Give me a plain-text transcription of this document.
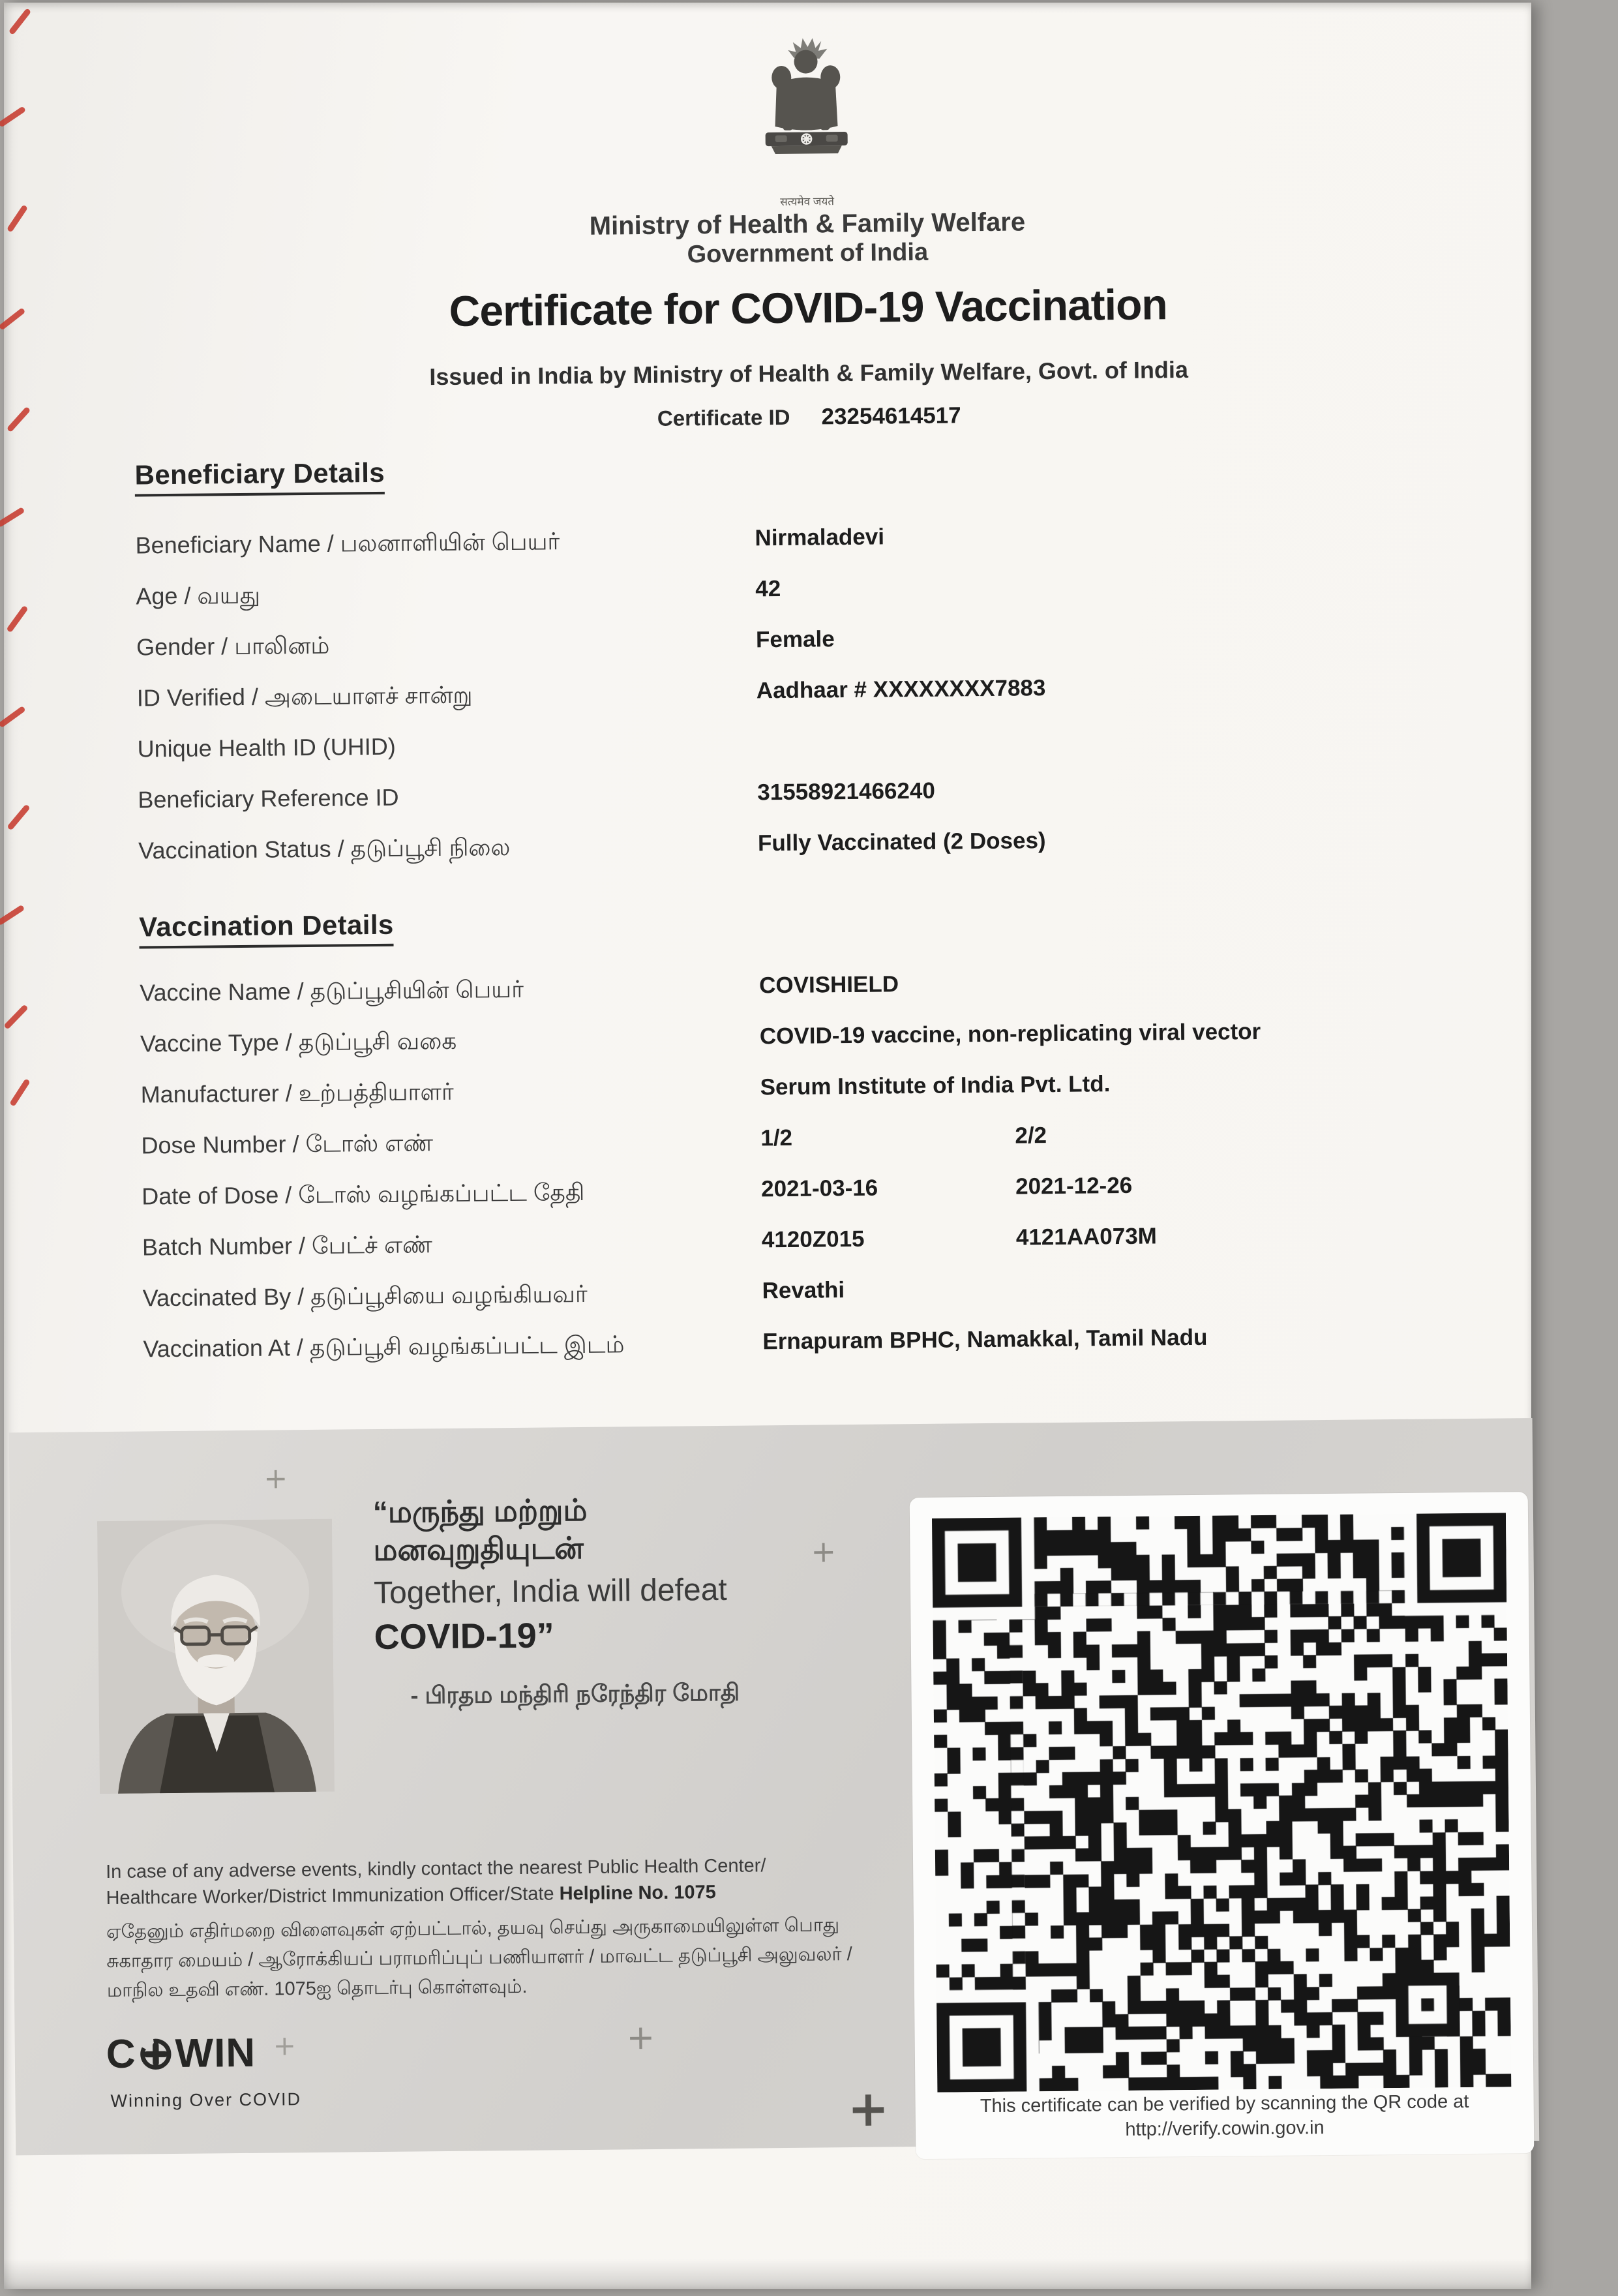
सत्यमेव जयते
Ministry of Health & Family Welfare
Government of India
Certificate for COVID-19 Vaccination
Issued in India by Ministry of Health & Family Welfare, Govt. of India
Certificate ID 23254614517
Beneficiary Details
Beneficiary Name / பலனாளியின் பெயர்	Nirmaladevi
Age / வயது	42
Gender / பாலினம்	Female
ID Verified / அடையாளச் சான்று	Aadhaar # XXXXXXXX7883
Unique Health ID (UHID)
Beneficiary Reference ID	31558921466240
Vaccination Status / தடுப்பூசி நிலை	Fully Vaccinated (2 Doses)
Vaccination Details
Vaccine Name / தடுப்பூசியின் பெயர்	COVISHIELD
Vaccine Type / தடுப்பூசி வகை	COVID-19 vaccine, non-replicating viral vector
Manufacturer / உற்பத்தியாளர்	Serum Institute of India Pvt. Ltd.
Dose Number / டோஸ் எண்	1/2	2/2
Date of Dose / டோஸ் வழங்கப்பட்ட தேதி	2021-03-16	2021-12-26
Batch Number / பேட்ச் எண்	4120Z015	4121AA073M
Vaccinated By / தடுப்பூசியை வழங்கியவர்	Revathi
Vaccination At / தடுப்பூசி வழங்கப்பட்ட இடம்	Ernapuram BPHC, Namakkal, Tamil Nadu
+
+
+	+
+
“மருந்து மற்றும்
மனவுறுதியுடன்
Together, India will defeat
COVID-19”
- பிரதம மந்திரி நரேந்திர மோதி
This certificate can be verified by scanning the QR code at
http://verify.cowin.gov.in
In case of any adverse events, kindly contact the nearest Public Health Center/
Healthcare Worker/District Immunization Officer/State Helpline No. 1075
ஏதேனும் எதிர்மறை விளைவுகள் ஏற்பட்டால், தயவு செய்து அருகாமையிலுள்ள பொது
சுகாதார மையம் / ஆரோக்கியப் பராமரிப்புப் பணியாளர் / மாவட்ட தடுப்பூசி அலுவலர் /
மாநில உதவி எண். 1075ஐ தொடர்பு கொள்ளவும்.
C WIN
Winning Over COVID
